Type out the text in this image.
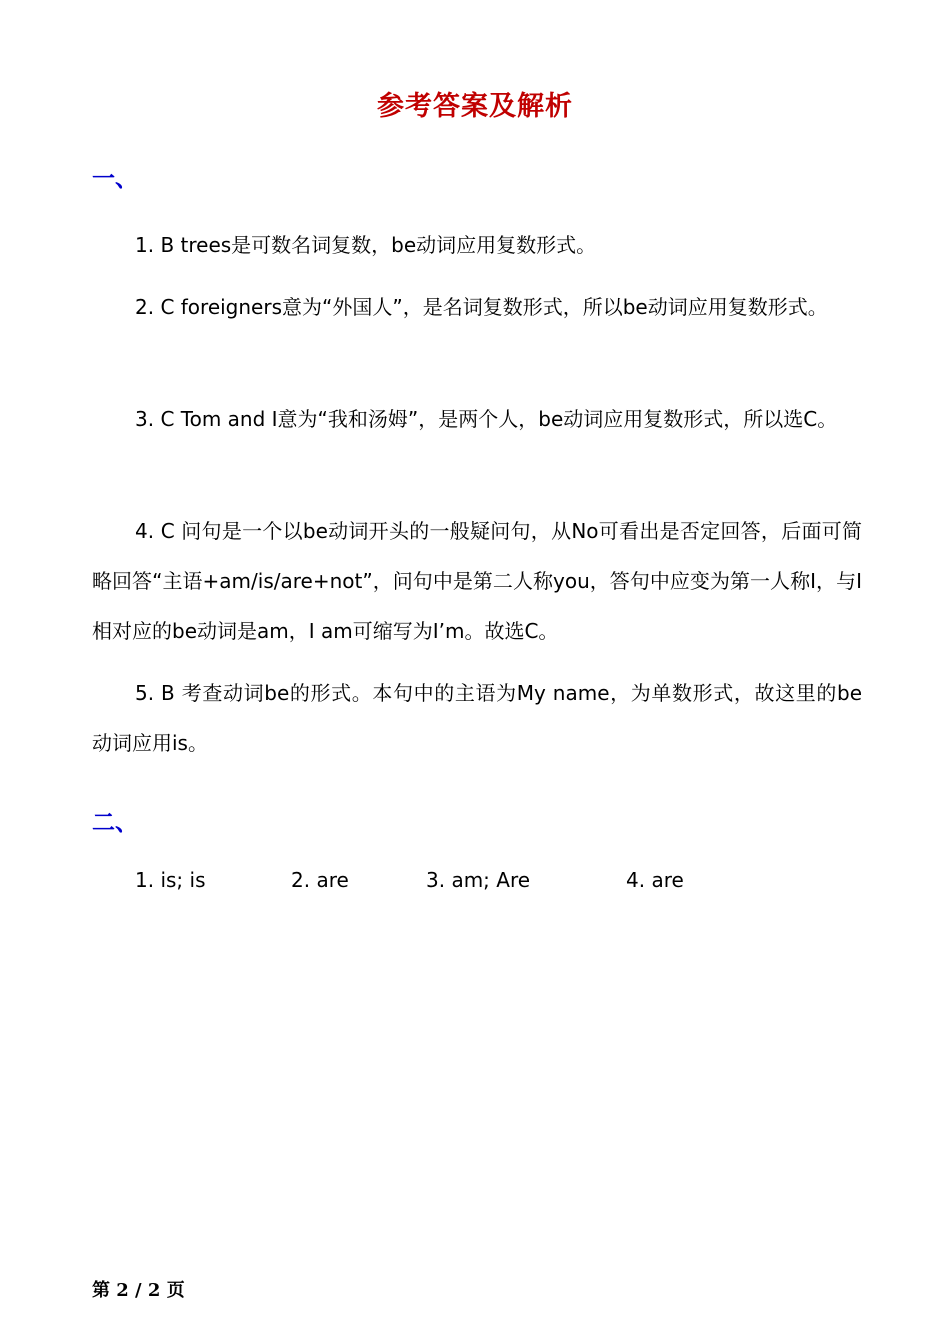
参考答案及解析
一、

1. B trees是可数名词复数，be动词应用复数形式。

2. C foreigners意为“外国人”，是名词复数形式，所以be动词应用复数形式。

3. C Tom and I意为“我和汤姆”，是两个人，be动词应用复数形式，所以选C。

4. C 问句是一个以be动词开头的一般疑问句，从No可看出是否定回答，后面可简略回答“主语+am/is/are+not”，问句中是第二人称you，答句中应变为第一人称I，与I相对应的be动词是am，I am可缩写为I’m。故选C。

5. B 考查动词be的形式。本句中的主语为My name，为单数形式，故这里的be动词应用is。

二、
1. is; is	2. are	3. am; Are	4. are
第 2 / 2 页
